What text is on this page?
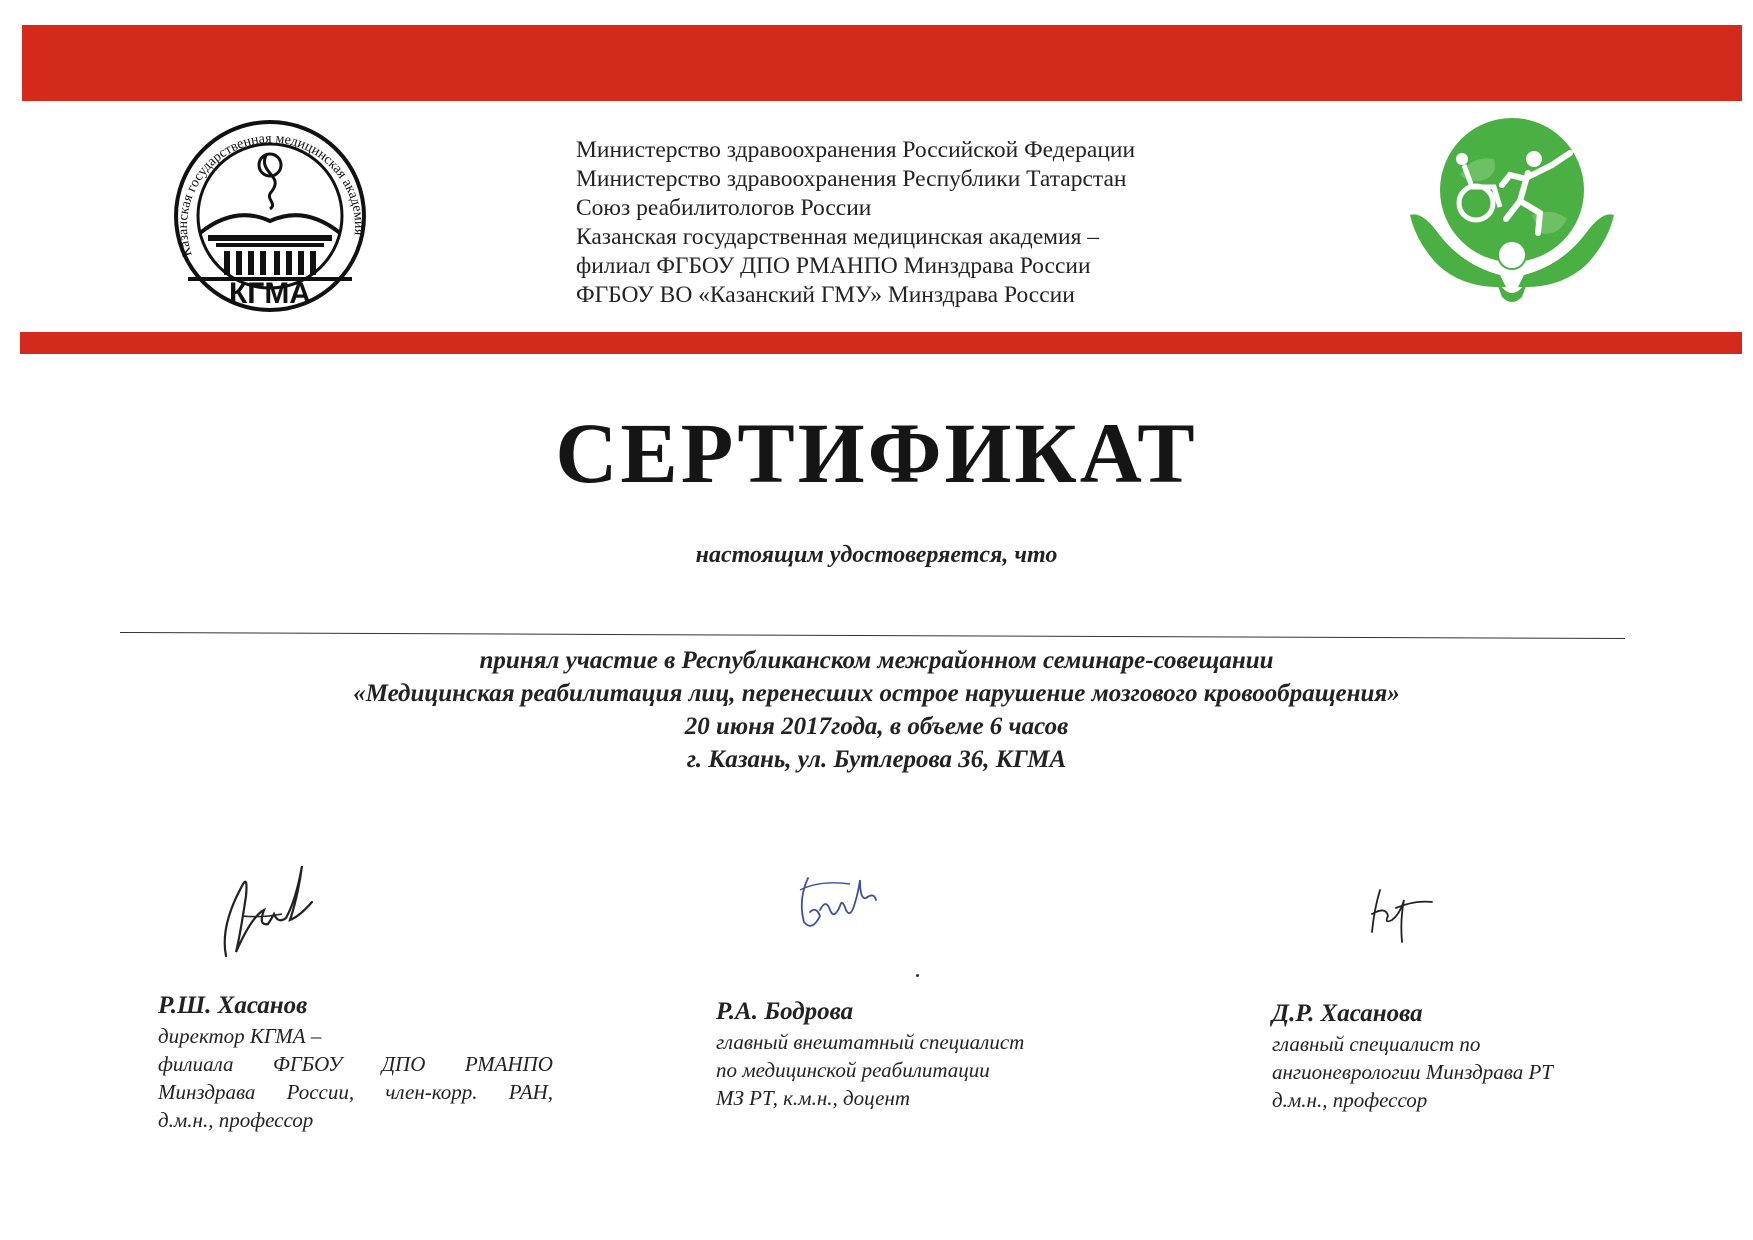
Казанская государственная медицинская академия
КГМА
Министерство здравоохранения Российской Федерации
Министерство здравоохранения Республики Татарстан
Союз реабилитологов России
Казанская государственная медицинская академия –
филиал ФГБОУ ДПО РМАНПО Минздрава России
ФГБОУ ВО «Казанский ГМУ» Минздрава России
СЕРТИФИКАТ
настоящим удостоверяется, что
принял участие в Республиканском межрайонном семинаре-совещании
«Медицинская реабилитация лиц, перенесших острое нарушение мозгового кровообращения»
20 июня 2017года, в объеме 6 часов
г. Казань, ул. Бутлерова 36, КГМА
Р.Ш. Хасанов
директор КГМА –
филиала ФГБОУ ДПО РМАНПО
Минздрава России, член-корр. РАН,
д.м.н., профессор
Р.А. Бодрова
главный внештатный специалист
по медицинской реабилитации
МЗ РТ, к.м.н., доцент
Д.Р. Хасанова
главный специалист по
ангионеврологии Минздрава РТ
д.м.н., профессор
